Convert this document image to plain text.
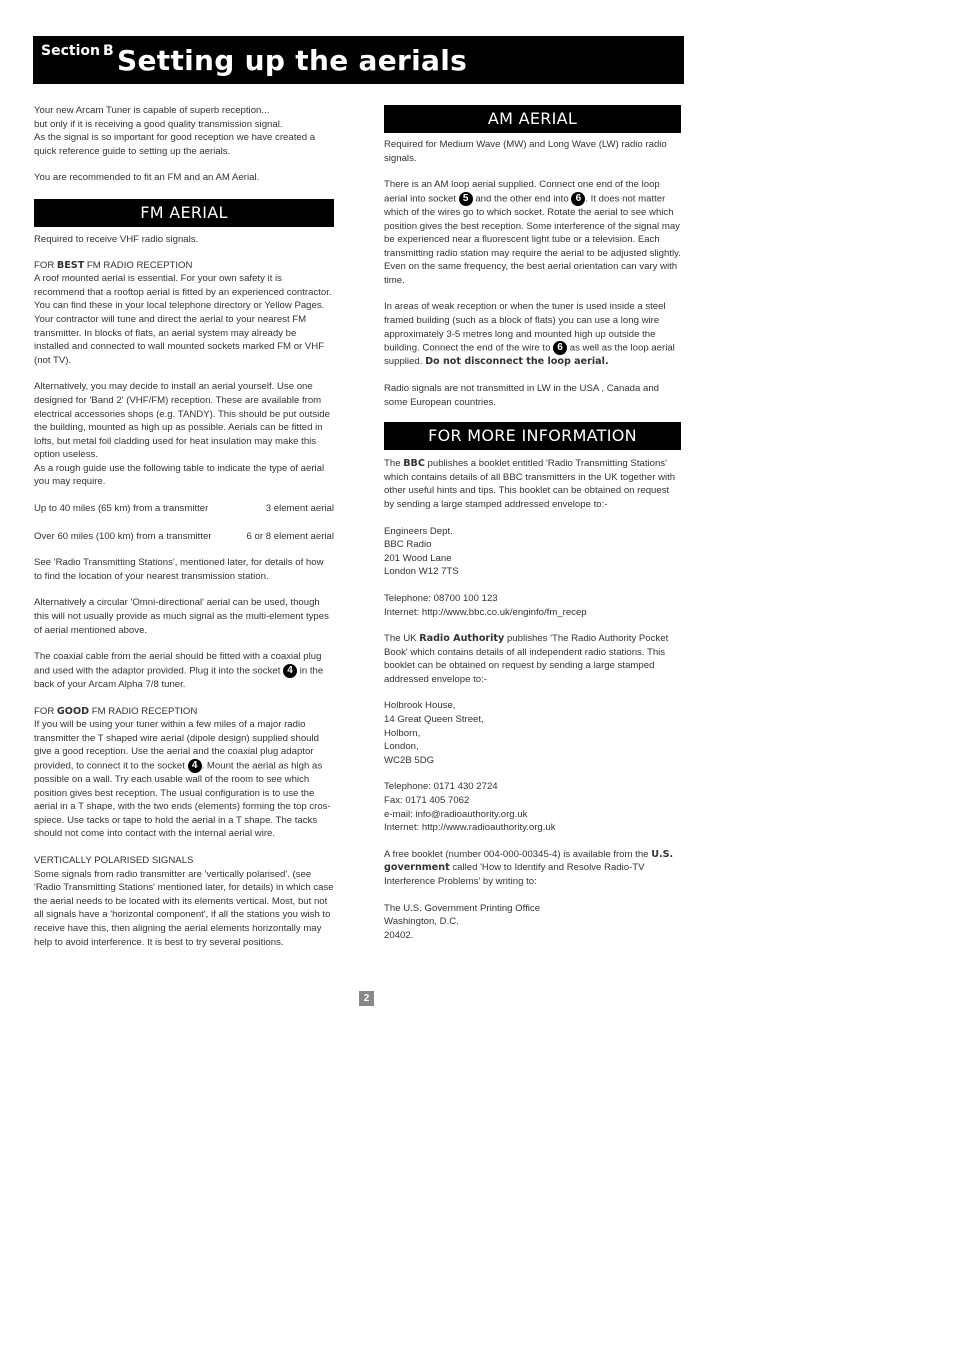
Section B Setting up the aerials

Your new Arcam Tuner is capable of superb reception...

but only if it is receiving a good quality transmission signal.

As the signal is so important for good reception we have created a quick reference guide to setting up the aerials.

You are recommended to fit an FM and an AM Aerial.

FM AERIAL

Required to receive VHF radio signals.

FOR BEST FM RADIO RECEPTION

A roof mounted aerial is essential. For your own safety it is recommend that a rooftop aerial is fitted by an experienced contractor. You can find these in your local telephone directory or Yellow Pages. Your contractor will tune and direct the aerial to your nearest FM transmitter. In blocks of flats, an aerial system may already be installed and connected to wall mounted sockets marked FM or VHF (not TV).

Alternatively, you may decide to install an aerial yourself. Use one designed for 'Band 2' (VHF/FM) reception. These are available from electrical accessories shops (e.g. TANDY). This should be put outside the building, mounted as high up as possible. Aerials can be fitted in lofts, but metal foil cladding used for heat insulation may make this option useless.

As a rough guide use the following table to indicate the type of aerial you may require.

Up to 40 miles (65 km) from a transmitter	3 element aerial
Over 60 miles (100 km) from a transmitter	6 or 8 element aerial

See 'Radio Transmitting Stations', mentioned later, for details of how to find the location of your nearest transmission station.

Alternatively a circular 'Omni-directional' aerial can be used, though this will not usually provide as much signal as the multi-element types of aerial mentioned above.

The coaxial cable from the aerial should be fitted with a coaxial plug and used with the adaptor provided. Plug it into the socket 4 in the back of your Arcam Alpha 7/8 tuner.

FOR GOOD FM RADIO RECEPTION

If you will be using your tuner within a few miles of a major radio transmitter the T shaped wire aerial (dipole design) supplied should give a good reception. Use the aerial and the coaxial plug adaptor provided, to connect it to the socket 4 . Mount the aerial as high as possible on a wall. Try each usable wall of the room to see which position gives best reception. The usual configuration is to use the aerial in a T shape, with the two ends (elements) forming the top cros-spiece. Use tacks or tape to hold the aerial in a T shape. The tacks should not come into contact with the internal aerial wire.

VERTICALLY POLARISED SIGNALS

Some signals from radio transmitter are 'vertically polarised'. (see 'Radio Transmitting Stations' mentioned later, for details) in which case the aerial needs to be located with its elements vertical. Most, but not all signals have a 'horizontal component', if all the stations you wish to receive have this, then aligning the aerial elements horizontally may help to avoid interference. It is best to try several positions.

AM AERIAL

Required for Medium Wave (MW) and Long Wave (LW) radio radio signals.

There is an AM loop aerial supplied. Connect one end of the loop aerial into socket 5 and the other end into 6 . It does not matter which of the wires go to which socket. Rotate the aerial to see which position gives the best reception. Some interference of the signal may be experienced near a fluorescent light tube or a television. Each transmitting radio station may require the aerial to be adjusted slightly. Even on the same frequency, the best aerial orientation can vary with time.

In areas of weak reception or when the tuner is used inside a steel framed building (such as a block of flats) you can use a long wire approximately 3-5 metres long and mounted high up outside the building. Connect the end of the wire to 6 as well as the loop aerial supplied. Do not disconnect the loop aerial.

Radio signals are not transmitted in LW in the USA , Canada and some European countries.

FOR MORE INFORMATION

The BBC publishes a booklet entitled 'Radio Transmitting Stations' which contains details of all BBC transmitters in the UK together with other useful hints and tips. This booklet can be obtained on request by sending a large stamped addressed envelope to:-

Engineers Dept.

BBC Radio

201 Wood Lane

London W12 7TS

Telephone: 08700 100 123

Internet: http://www.bbc.co.uk/enginfo/fm_recep

The UK Radio Authority publishes 'The Radio Authority Pocket Book' which contains details of all independent radio stations. This booklet can be obtained on request by sending a large stamped addressed envelope to:-

Holbrook House,

14 Great Queen Street,

Holborn,

London,

WC2B 5DG

Telephone: 0171 430 2724

Fax: 0171 405 7062

e-mail: info@radioauthority.org.uk

Internet: http://www.radioauthority.org.uk

A free booklet (number 004-000-00345-4) is available from the U.S. government called 'How to Identify and Resolve Radio-TV Interference Problems' by writing to:

The U.S. Government Printing Office

Washington, D.C.

20402.

2
